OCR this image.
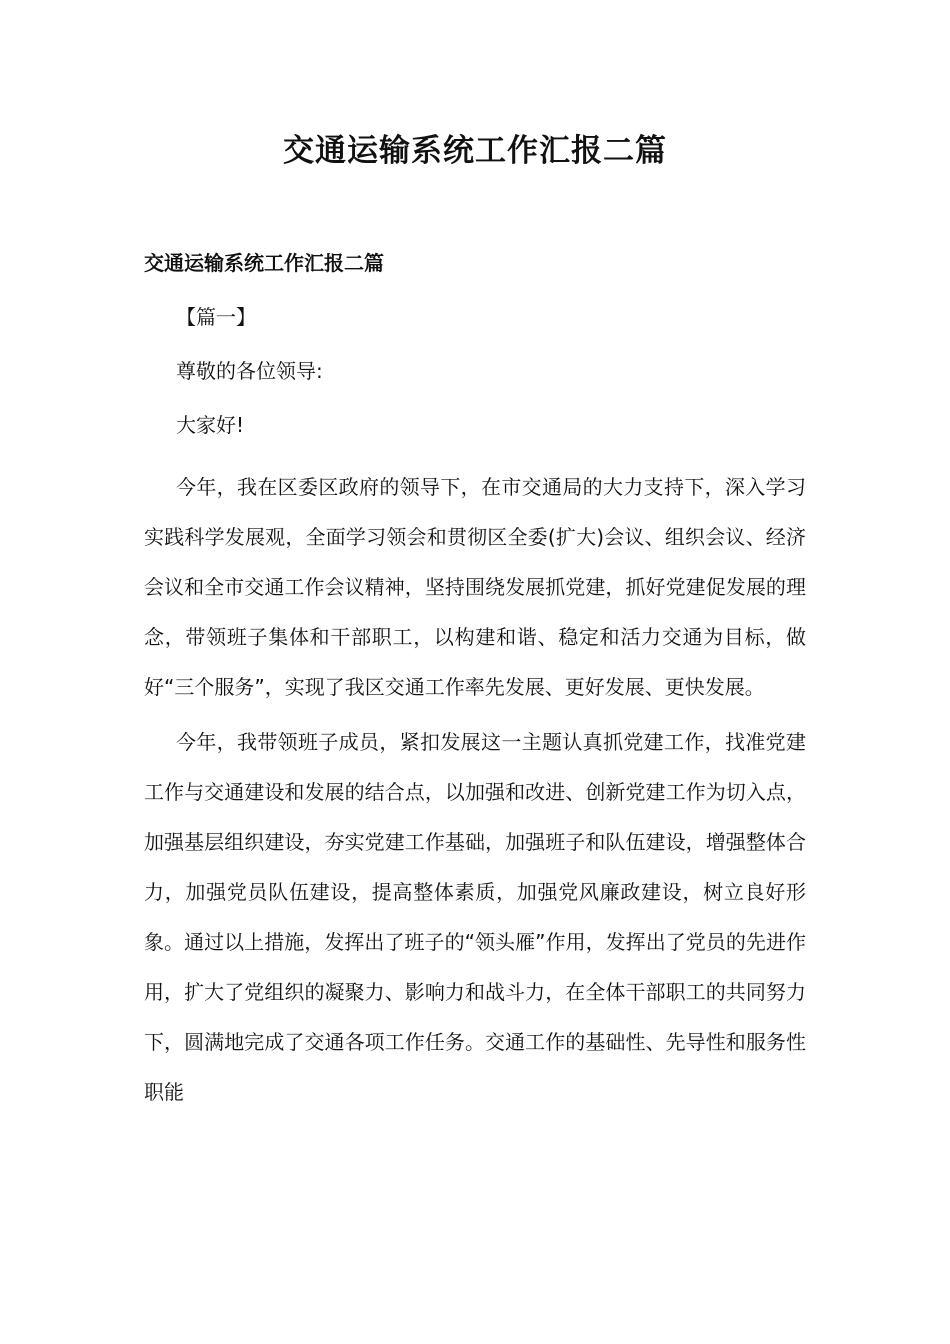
交通运输系统工作汇报二篇

交通运输系统工作汇报二篇

【篇一】

尊敬的各位领导:

大家好!

今年，我在区委区政府的领导下，在市交通局的大力支持下，深入学习实践科学发展观，全面学习领会和贯彻区全委(扩大)会议、组织会议、经济会议和全市交通工作会议精神，坚持围绕发展抓党建，抓好党建促发展的理念，带领班子集体和干部职工，以构建和谐、稳定和活力交通为目标，做好“三个服务”，实现了我区交通工作率先发展、更好发展、更快发展。

今年，我带领班子成员，紧扣发展这一主题认真抓党建工作，找准党建工作与交通建设和发展的结合点，以加强和改进、创新党建工作为切入点，加强基层组织建设，夯实党建工作基础，加强班子和队伍建设，增强整体合力，加强党员队伍建设，提高整体素质，加强党风廉政建设，树立良好形象。通过以上措施，发挥出了班子的“领头雁”作用，发挥出了党员的先进作用，扩大了党组织的凝聚力、影响力和战斗力，在全体干部职工的共同努力下，圆满地完成了交通各项工作任务。交通工作的基础性、先导性和服务性职能
